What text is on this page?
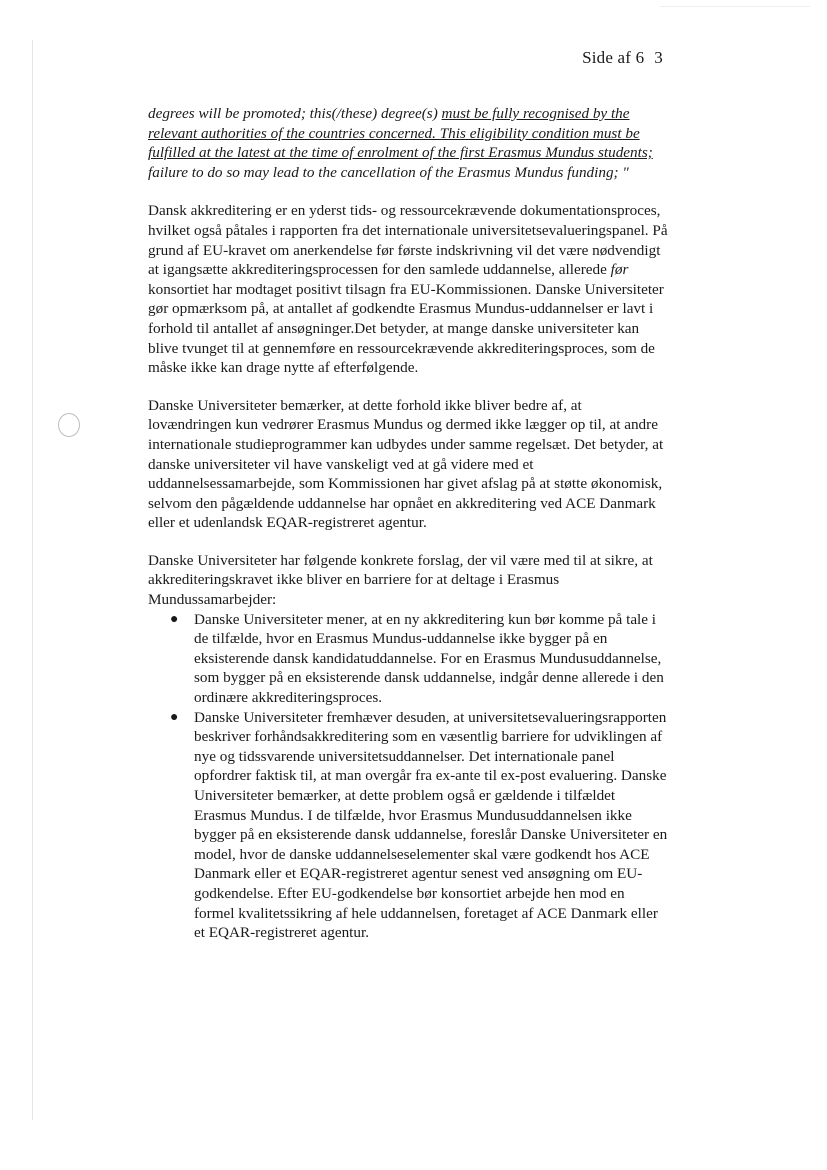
Side af 6 3

degrees will be promoted; this(/these) degree(s) must be fully recognised by the relevant authorities of the countries concerned. This eligibility condition must be fulfilled at the latest at the time of enrolment of the first Erasmus Mundus students; failure to do so may lead to the cancellation of the Erasmus Mundus funding; "

Dansk akkreditering er en yderst tids- og ressourcekrævende dokumentationsproces, hvilket også påtales i rapporten fra det internationale universitetsevalueringspanel. På grund af EU-kravet om anerkendelse før første indskrivning vil det være nødvendigt at igangsætte akkrediteringsprocessen for den samlede uddannelse, allerede før konsortiet har modtaget positivt tilsagn fra EU-Kommissionen. Danske Universiteter gør opmærksom på, at antallet af godkendte Erasmus Mundus-uddannelser er lavt i forhold til antallet af ansøgninger.Det betyder, at mange danske universiteter kan blive tvunget til at gennemføre en ressourcekrævende akkrediteringsproces, som de måske ikke kan drage nytte af efterfølgende.

Danske Universiteter bemærker, at dette forhold ikke bliver bedre af, at lovændringen kun vedrører Erasmus Mundus og dermed ikke lægger op til, at andre internationale studieprogrammer kan udbydes under samme regelsæt. Det betyder, at danske universiteter vil have vanskeligt ved at gå videre med et uddannelsessamarbejde, som Kommissionen har givet afslag på at støtte økonomisk, selvom den pågældende uddannelse har opnået en akkreditering ved ACE Danmark eller et udenlandsk EQAR-registreret agentur.

Danske Universiteter har følgende konkrete forslag, der vil være med til at sikre, at akkrediteringskravet ikke bliver en barriere for at deltage i Erasmus Mundussamarbejder:

● Danske Universiteter mener, at en ny akkreditering kun bør komme på tale i de tilfælde, hvor en Erasmus Mundus-uddannelse ikke bygger på en eksisterende dansk kandidatuddannelse. For en Erasmus Mundusuddannelse, som bygger på en eksisterende dansk uddannelse, indgår denne allerede i den ordinære akkrediteringsproces.
● Danske Universiteter fremhæver desuden, at universitetsevalueringsrapporten beskriver forhåndsakkreditering som en væsentlig barriere for udviklingen af nye og tidssvarende universitetsuddannelser. Det internationale panel opfordrer faktisk til, at man overgår fra ex-ante til ex-post evaluering. Danske Universiteter bemærker, at dette problem også er gældende i tilfældet Erasmus Mundus. I de tilfælde, hvor Erasmus Mundusuddannelsen ikke bygger på en eksisterende dansk uddannelse, foreslår Danske Universiteter en model, hvor de danske uddannelseselementer skal være godkendt hos ACE Danmark eller et EQAR-registreret agentur senest ved ansøgning om EU-godkendelse. Efter EU-godkendelse bør konsortiet arbejde hen mod en formel kvalitetssikring af hele uddannelsen, foretaget af ACE Danmark eller et EQAR-registreret agentur.
